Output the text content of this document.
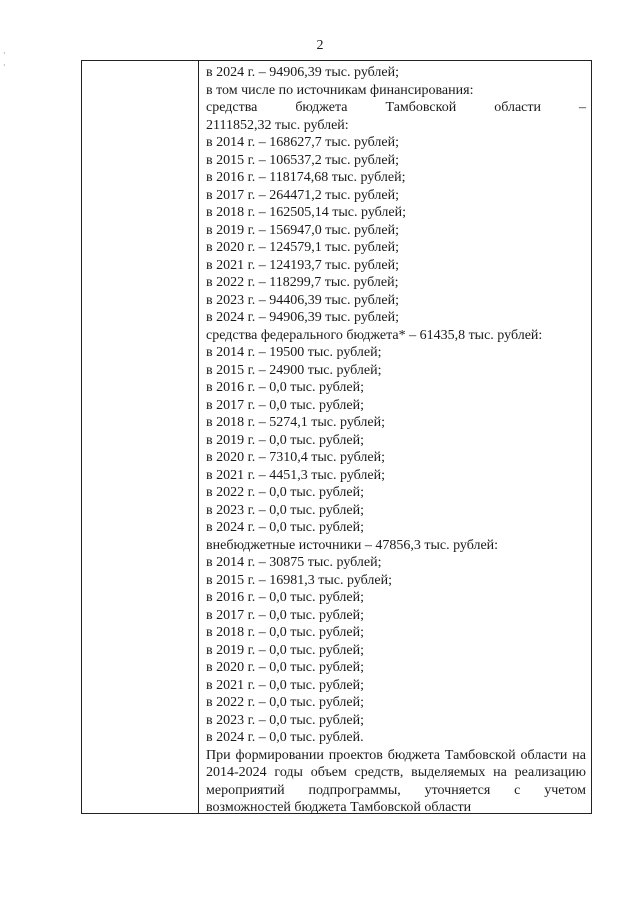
2
·
·	в 2024 г. – 94906,39 тыс. рублей;
в том числе по источникам финансирования:
средства	бюджета	Тамбовской	области	–
2111852,32 тыс. рублей:
в 2014 г. – 168627,7 тыс. рублей;
в 2015 г. – 106537,2 тыс. рублей;
в 2016 г. – 118174,68 тыс. рублей;
в 2017 г. – 264471,2 тыс. рублей;
в 2018 г. – 162505,14 тыс. рублей;
в 2019 г. – 156947,0 тыс. рублей;
в 2020 г. – 124579,1 тыс. рублей;
в 2021 г. – 124193,7 тыс. рублей;
в 2022 г. – 118299,7 тыс. рублей;
в 2023 г. – 94406,39 тыс. рублей;
в 2024 г. – 94906,39 тыс. рублей;
средства федерального бюджета* – 61435,8 тыс. рублей:
в 2014 г. – 19500 тыс. рублей;
в 2015 г. – 24900 тыс. рублей;
в 2016 г. – 0,0 тыс. рублей;
в 2017 г. – 0,0 тыс. рублей;
в 2018 г. – 5274,1 тыс. рублей;
в 2019 г. – 0,0 тыс. рублей;
в 2020 г. – 7310,4 тыс. рублей;
в 2021 г. – 4451,3 тыс. рублей;
в 2022 г. – 0,0 тыс. рублей;
в 2023 г. – 0,0 тыс. рублей;
в 2024 г. – 0,0 тыс. рублей;
внебюджетные источники – 47856,3 тыс. рублей:
в 2014 г. – 30875 тыс. рублей;
в 2015 г. – 16981,3 тыс. рублей;
в 2016 г. – 0,0 тыс. рублей;
в 2017 г. – 0,0 тыс. рублей;
в 2018 г. – 0,0 тыс. рублей;
в 2019 г. – 0,0 тыс. рублей;
в 2020 г. – 0,0 тыс. рублей;
в 2021 г. – 0,0 тыс. рублей;
в 2022 г. – 0,0 тыс. рублей;
в 2023 г. – 0,0 тыс. рублей;
в 2024 г. – 0,0 тыс. рублей.

При формировании проектов бюджета Тамбовской области на 2014-2024 годы объем средств, выделяемых на реализацию мероприятий подпрограммы, уточняется с учетом возможностей бюджета Тамбовской области
